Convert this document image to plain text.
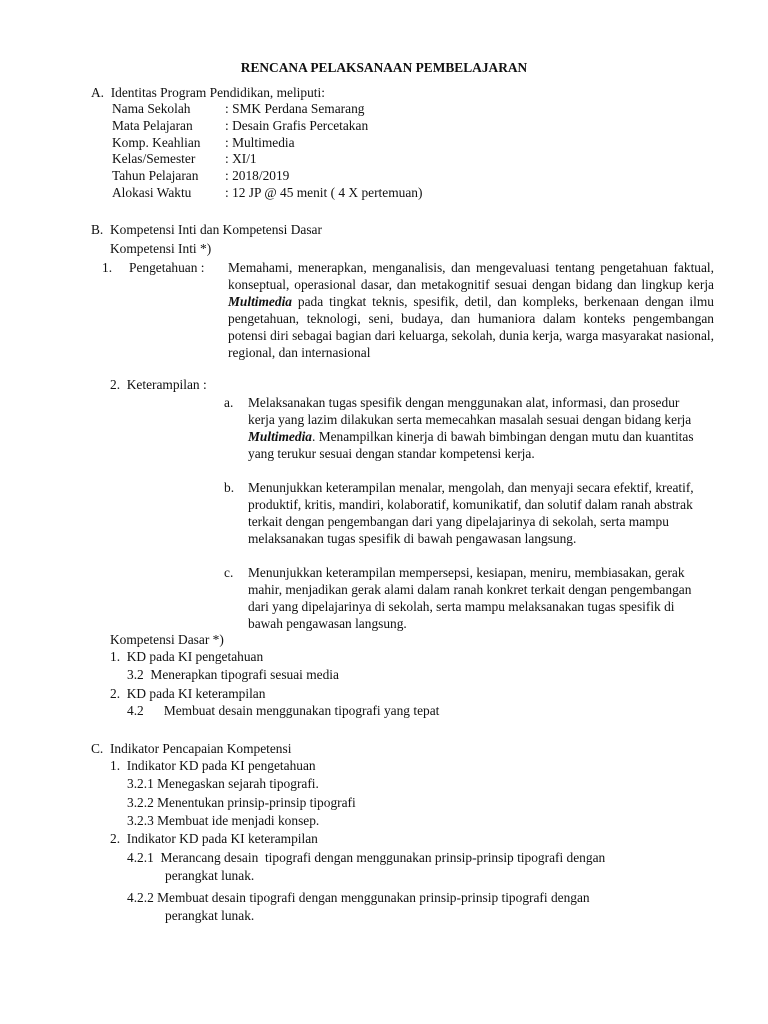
RENCANA PELAKSANAAN PEMBELAJARAN
A.  Identitas Program Pendidikan, meliputi:
Nama Sekolah	: SMK Perdana Semarang
Mata Pelajaran : Desain Grafis Percetakan
Komp. Keahlian : Multimedia
Kelas/Semester : XI/1
Tahun Pelajaran : 2018/2019
Alokasi Waktu	: 12 JP @ 45 menit ( 4 X pertemuan)
B.  Kompetensi Inti dan Kompetensi Dasar
Kompetensi Inti *)
1. Pengetahuan : Memahami, menerapkan, menganalisis, dan mengevaluasi tentang pengetahuan faktual, konseptual, operasional dasar, dan metakognitif sesuai dengan bidang dan lingkup kerja Multimedia pada tingkat teknis, spesifik, detil, dan kompleks, berkenaan dengan ilmu pengetahuan, teknologi, seni, budaya, dan humaniora dalam konteks pengembangan potensi diri sebagai bagian dari keluarga, sekolah, dunia kerja, warga masyarakat nasional, regional, dan internasional
2.  Keterampilan :
a. Melaksanakan tugas spesifik dengan menggunakan alat, informasi, dan prosedur kerja yang lazim dilakukan serta memecahkan masalah sesuai dengan bidang kerja Multimedia. Menampilkan kinerja di bawah bimbingan dengan mutu dan kuantitas yang terukur sesuai dengan standar kompetensi kerja.
b. Menunjukkan keterampilan menalar, mengolah, dan menyaji secara efektif, kreatif, produktif, kritis, mandiri, kolaboratif, komunikatif, dan solutif dalam ranah abstrak terkait dengan pengembangan dari yang dipelajarinya di sekolah, serta mampu melaksanakan tugas spesifik di bawah pengawasan langsung.
c. Menunjukkan keterampilan mempersepsi, kesiapan, meniru, membiasakan, gerak mahir, menjadikan gerak alami dalam ranah konkret terkait dengan pengembangan dari yang dipelajarinya di sekolah, serta mampu melaksanakan tugas spesifik di bawah pengawasan langsung.
Kompetensi Dasar *)
1.  KD pada KI pengetahuan
3.2  Menerapkan tipografi sesuai media
2.  KD pada KI keterampilan
4.2      Membuat desain menggunakan tipografi yang tepat
C.  Indikator Pencapaian Kompetensi
1.  Indikator KD pada KI pengetahuan
3.2.1 Menegaskan sejarah tipografi.
3.2.2 Menentukan prinsip-prinsip tipografi
3.2.3 Membuat ide menjadi konsep.
2.  Indikator KD pada KI keterampilan
4.2.1  Merancang desain  tipografi dengan menggunakan prinsip-prinsip tipografi dengan
perangkat lunak.
4.2.2 Membuat desain tipografi dengan menggunakan prinsip-prinsip tipografi dengan
perangkat lunak.
